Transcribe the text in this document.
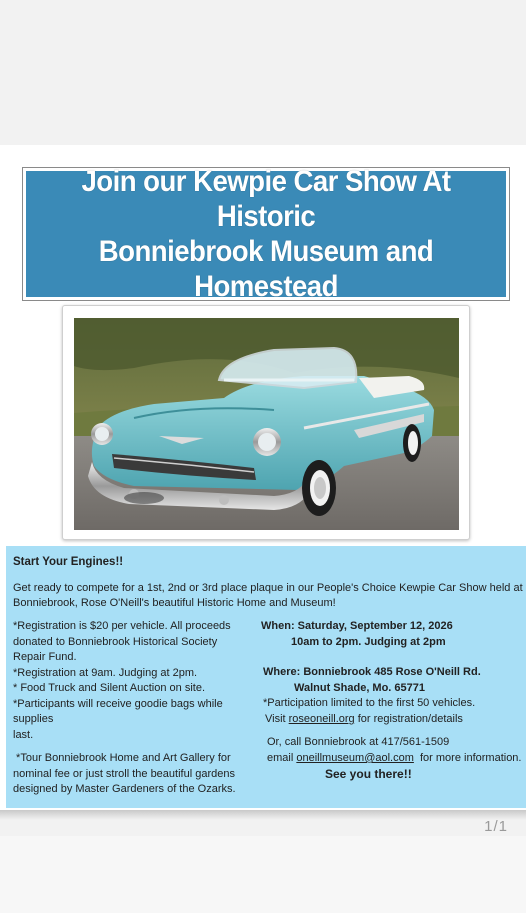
Join our Kewpie Car Show At Historic
Bonniebrook Museum and
Homestead
Start Your Engines!!
Get ready to compete for a 1st, 2nd or 3rd place plaque in our People's Choice Kewpie Car Show held at
Bonniebrook, Rose O'Neill's beautiful Historic Home and Museum!
*Registration is $20 per vehicle. All proceeds
donated to Bonniebrook Historical Society
Repair Fund.
*Registration at 9am. Judging at 2pm.
* Food Truck and Silent Auction on site.
*Participants will receive goodie bags while supplies
last.
*Tour Bonniebrook Home and Art Gallery for
nominal fee or just stroll the beautiful gardens
designed by Master Gardeners of the Ozarks.
When: Saturday, September 12, 2026
10am to 2pm. Judging at 2pm
Where: Bonniebrook 485 Rose O'Neill Rd.
Walnut Shade, Mo. 65771
*Participation limited to the first 50 vehicles.
Visit roseoneill.org for registration/details
Or, call Bonniebrook at 417/561-1509
email oneillmuseum@aol.com  for more information.
See you there!!
1/1
